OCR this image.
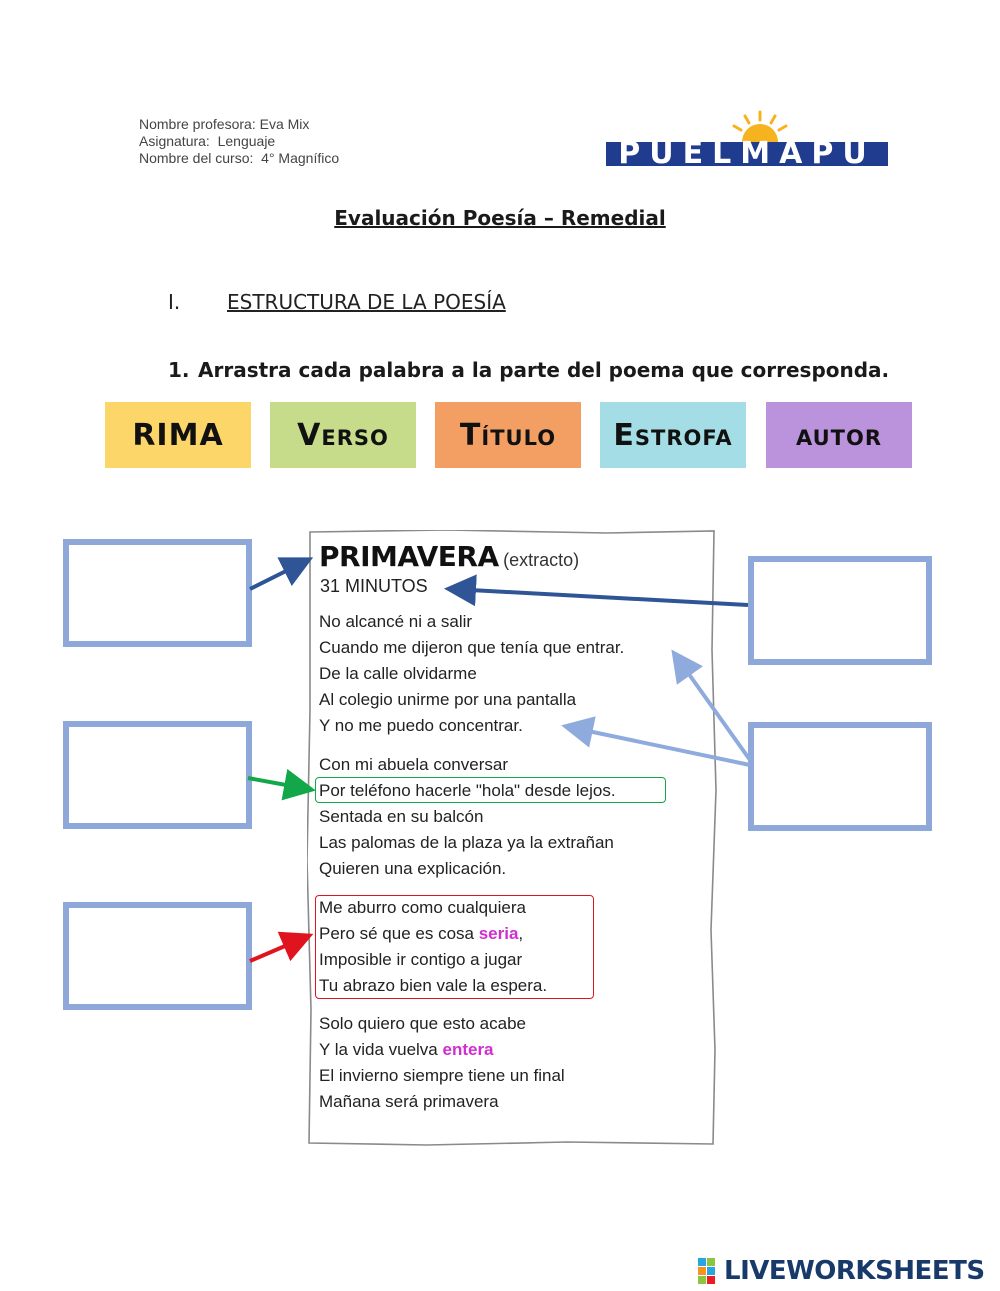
Nombre profesora: Eva Mix
Asignatura:  Lenguaje
Nombre del curso:  4° Magnífico	PUELMAPU
Evaluación Poesía – Remedial
I. ESTRUCTURA DE LA POESÍA
1. Arrastra cada palabra a la parte del poema que corresponda.
RIMA	Verso	Título	Estrofa	autor
PRIMAVERA (extracto)
31 MINUTOS
No alcancé ni a salir
Cuando me dijeron que tenía que entrar.
De la calle olvidarme
Al colegio unirme por una pantalla
Y no me puedo concentrar.
Con mi abuela conversar
Por teléfono hacerle "hola" desde lejos.
Sentada en su balcón
Las palomas de la plaza ya la extrañan
Quieren una explicación.
Me aburro como cualquiera
Pero sé que es cosa seria,
Imposible ir contigo a jugar
Tu abrazo bien vale la espera.
Solo quiero que esto acabe
Y la vida vuelva entera
El invierno siempre tiene un final
Mañana será primavera
LIVEWORKSHEETS
